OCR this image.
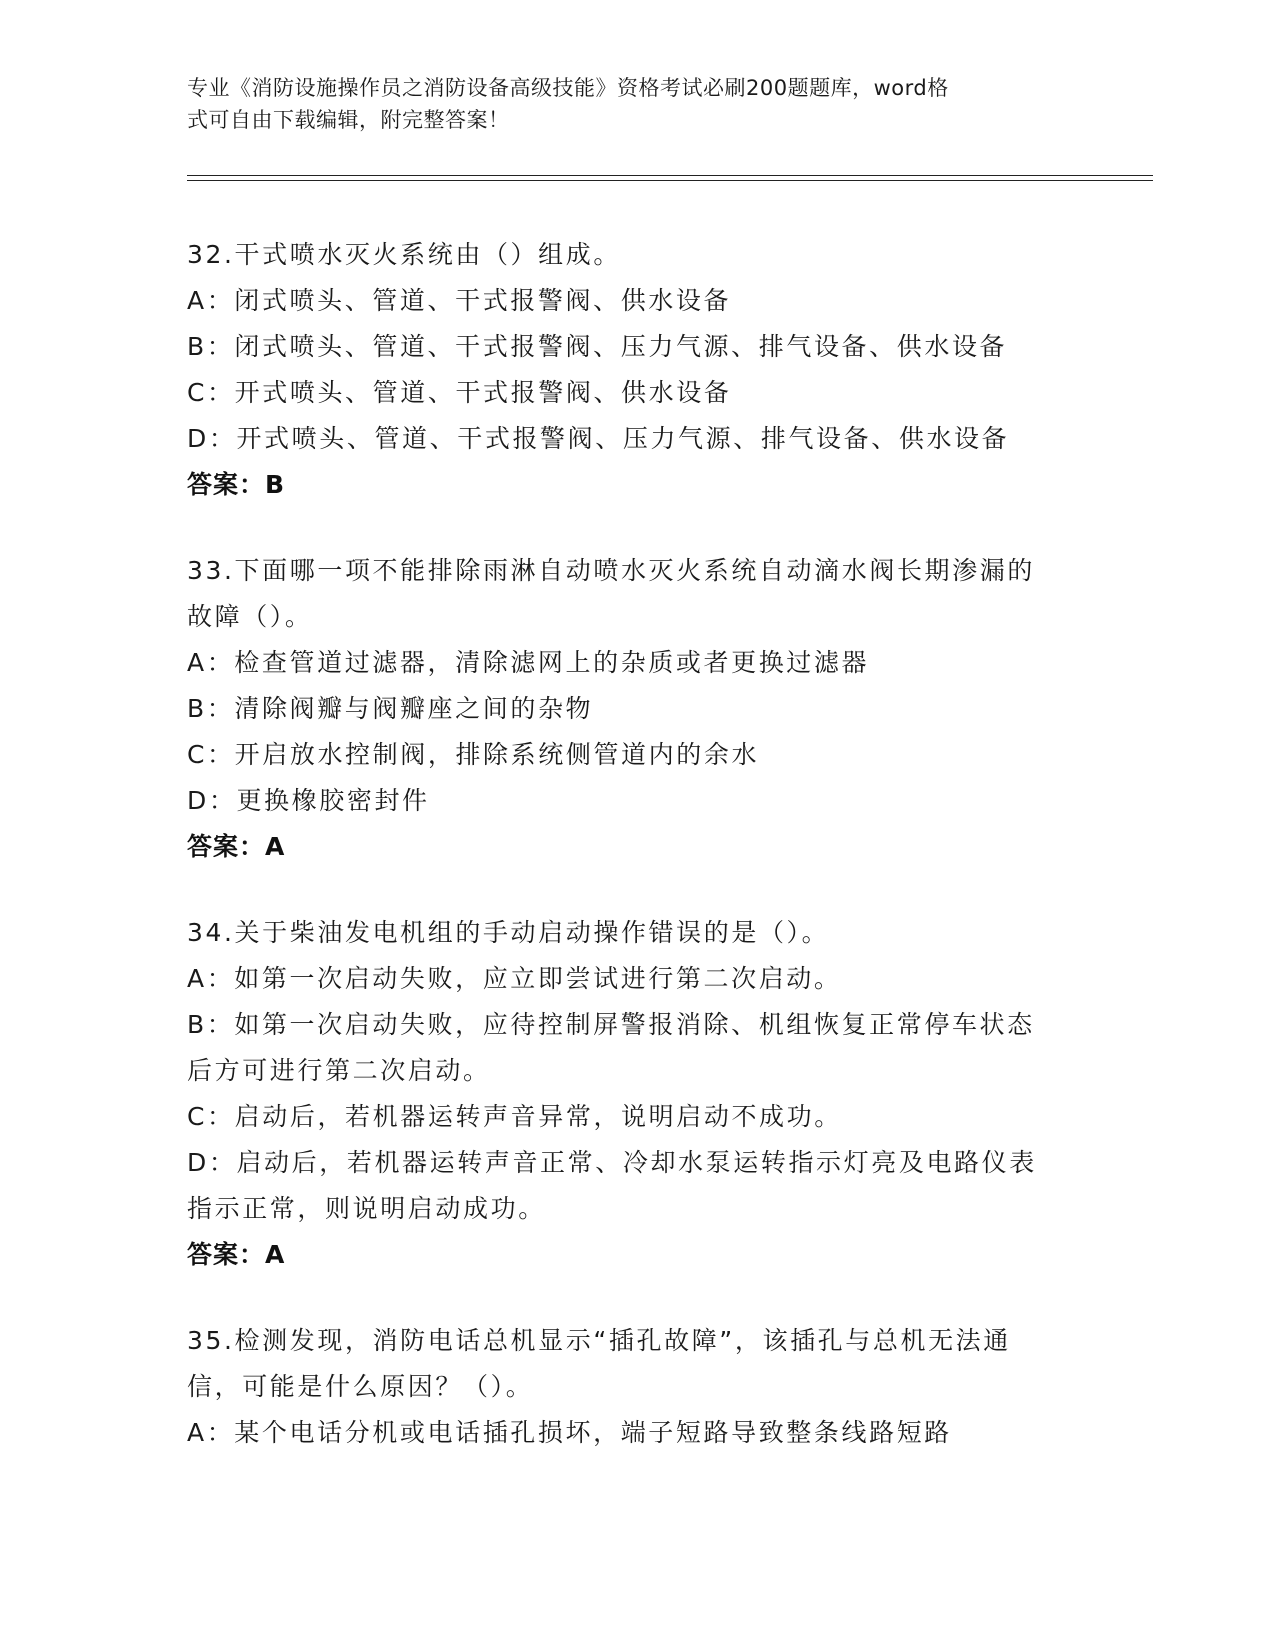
专业《消防设施操作员之消防设备高级技能》资格考试必刷200题题库，word格
式可自由下载编辑，附完整答案！
32.干式喷水灭火系统由（）组成。
A：闭式喷头、管道、干式报警阀、供水设备
B：闭式喷头、管道、干式报警阀、压力气源、排气设备、供水设备
C：开式喷头、管道、干式报警阀、供水设备
D：开式喷头、管道、干式报警阀、压力气源、排气设备、供水设备
答案：B
33.下面哪一项不能排除雨淋自动喷水灭火系统自动滴水阀长期渗漏的
故障（）。
A：检查管道过滤器，清除滤网上的杂质或者更换过滤器
B：清除阀瓣与阀瓣座之间的杂物
C：开启放水控制阀，排除系统侧管道内的余水
D：更换橡胶密封件
答案：A
34.关于柴油发电机组的手动启动操作错误的是（）。
A：如第一次启动失败，应立即尝试进行第二次启动。
B：如第一次启动失败，应待控制屏警报消除、机组恢复正常停车状态
后方可进行第二次启动。
C：启动后，若机器运转声音异常，说明启动不成功。
D：启动后，若机器运转声音正常、冷却水泵运转指示灯亮及电路仪表
指示正常，则说明启动成功。
答案：A
35.检测发现，消防电话总机显示“插孔故障”，该插孔与总机无法通
信，可能是什么原因？（）。
A：某个电话分机或电话插孔损坏，端子短路导致整条线路短路
